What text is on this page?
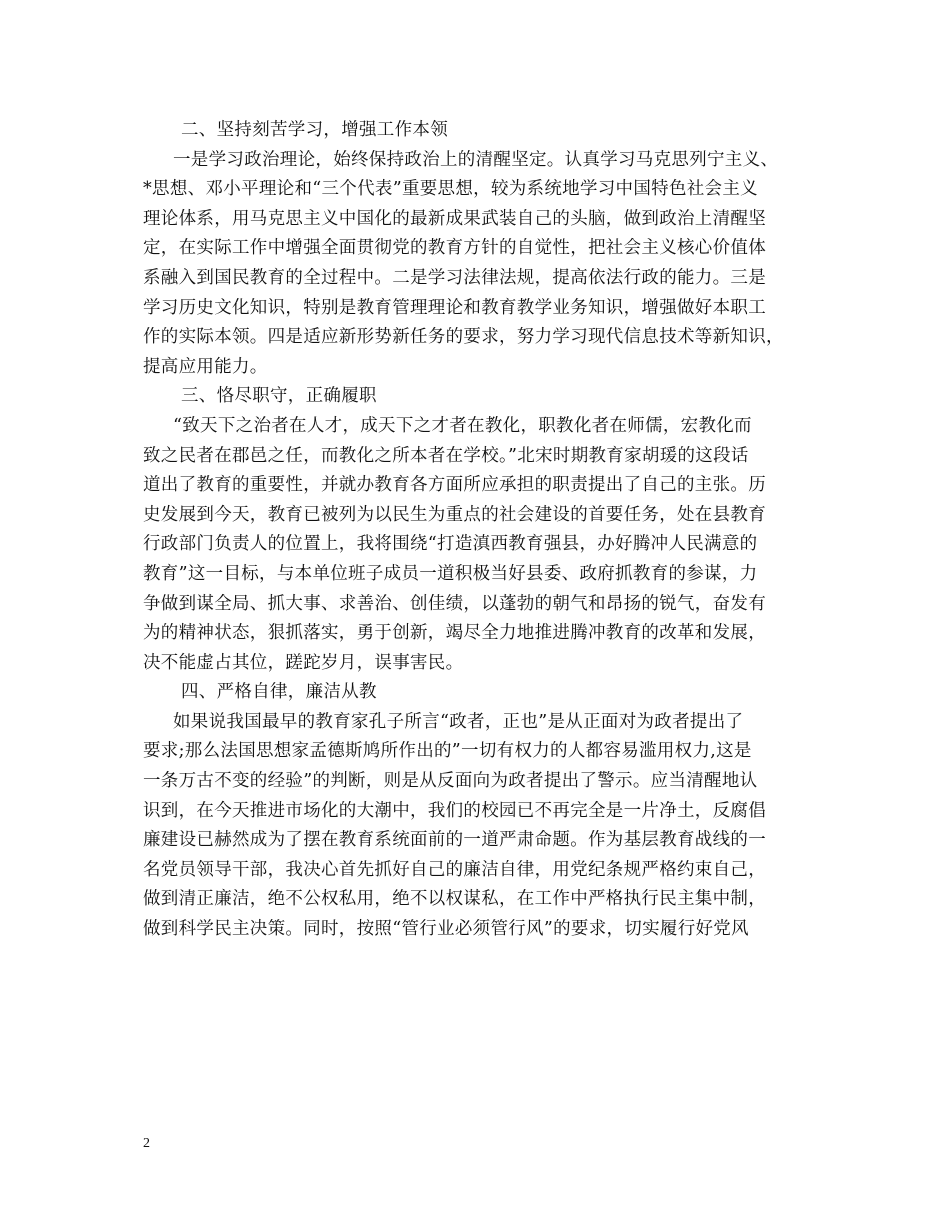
二、坚持刻苦学习，增强工作本领
一是学习政治理论，始终保持政治上的清醒坚定。认真学习马克思列宁主义、
*思想、邓小平理论和“三个代表”重要思想，较为系统地学习中国特色社会主义
理论体系，用马克思主义中国化的最新成果武装自己的头脑，做到政治上清醒坚
定，在实际工作中增强全面贯彻党的教育方针的自觉性，把社会主义核心价值体
系融入到国民教育的全过程中。二是学习法律法规，提高依法行政的能力。三是
学习历史文化知识，特别是教育管理理论和教育教学业务知识，增强做好本职工
作的实际本领。四是适应新形势新任务的要求，努力学习现代信息技术等新知识，
提高应用能力。
三、恪尽职守，正确履职
“致天下之治者在人才，成天下之才者在教化，职教化者在师儒，宏教化而
致之民者在郡邑之任，而教化之所本者在学校。”北宋时期教育家胡瑗的这段话
道出了教育的重要性，并就办教育各方面所应承担的职责提出了自己的主张。历
史发展到今天，教育已被列为以民生为重点的社会建设的首要任务，处在县教育
行政部门负责人的位置上，我将围绕“打造滇西教育强县，办好腾冲人民满意的
教育”这一目标，与本单位班子成员一道积极当好县委、政府抓教育的参谋，力
争做到谋全局、抓大事、求善治、创佳绩，以蓬勃的朝气和昂扬的锐气，奋发有
为的精神状态，狠抓落实，勇于创新，竭尽全力地推进腾冲教育的改革和发展，
决不能虚占其位，蹉跎岁月，误事害民。
四、严格自律，廉洁从教
如果说我国最早的教育家孔子所言“政者，正也”是从正面对为政者提出了
要求;那么法国思想家孟德斯鸠所作出的”一切有权力的人都容易滥用权力,这是
一条万古不变的经验”的判断，则是从反面向为政者提出了警示。应当清醒地认
识到，在今天推进市场化的大潮中，我们的校园已不再完全是一片净土，反腐倡
廉建设已赫然成为了摆在教育系统面前的一道严肃命题。作为基层教育战线的一
名党员领导干部，我决心首先抓好自己的廉洁自律，用党纪条规严格约束自己，
做到清正廉洁，绝不公权私用，绝不以权谋私，在工作中严格执行民主集中制，
做到科学民主决策。同时，按照“管行业必须管行风”的要求，切实履行好党风
2
